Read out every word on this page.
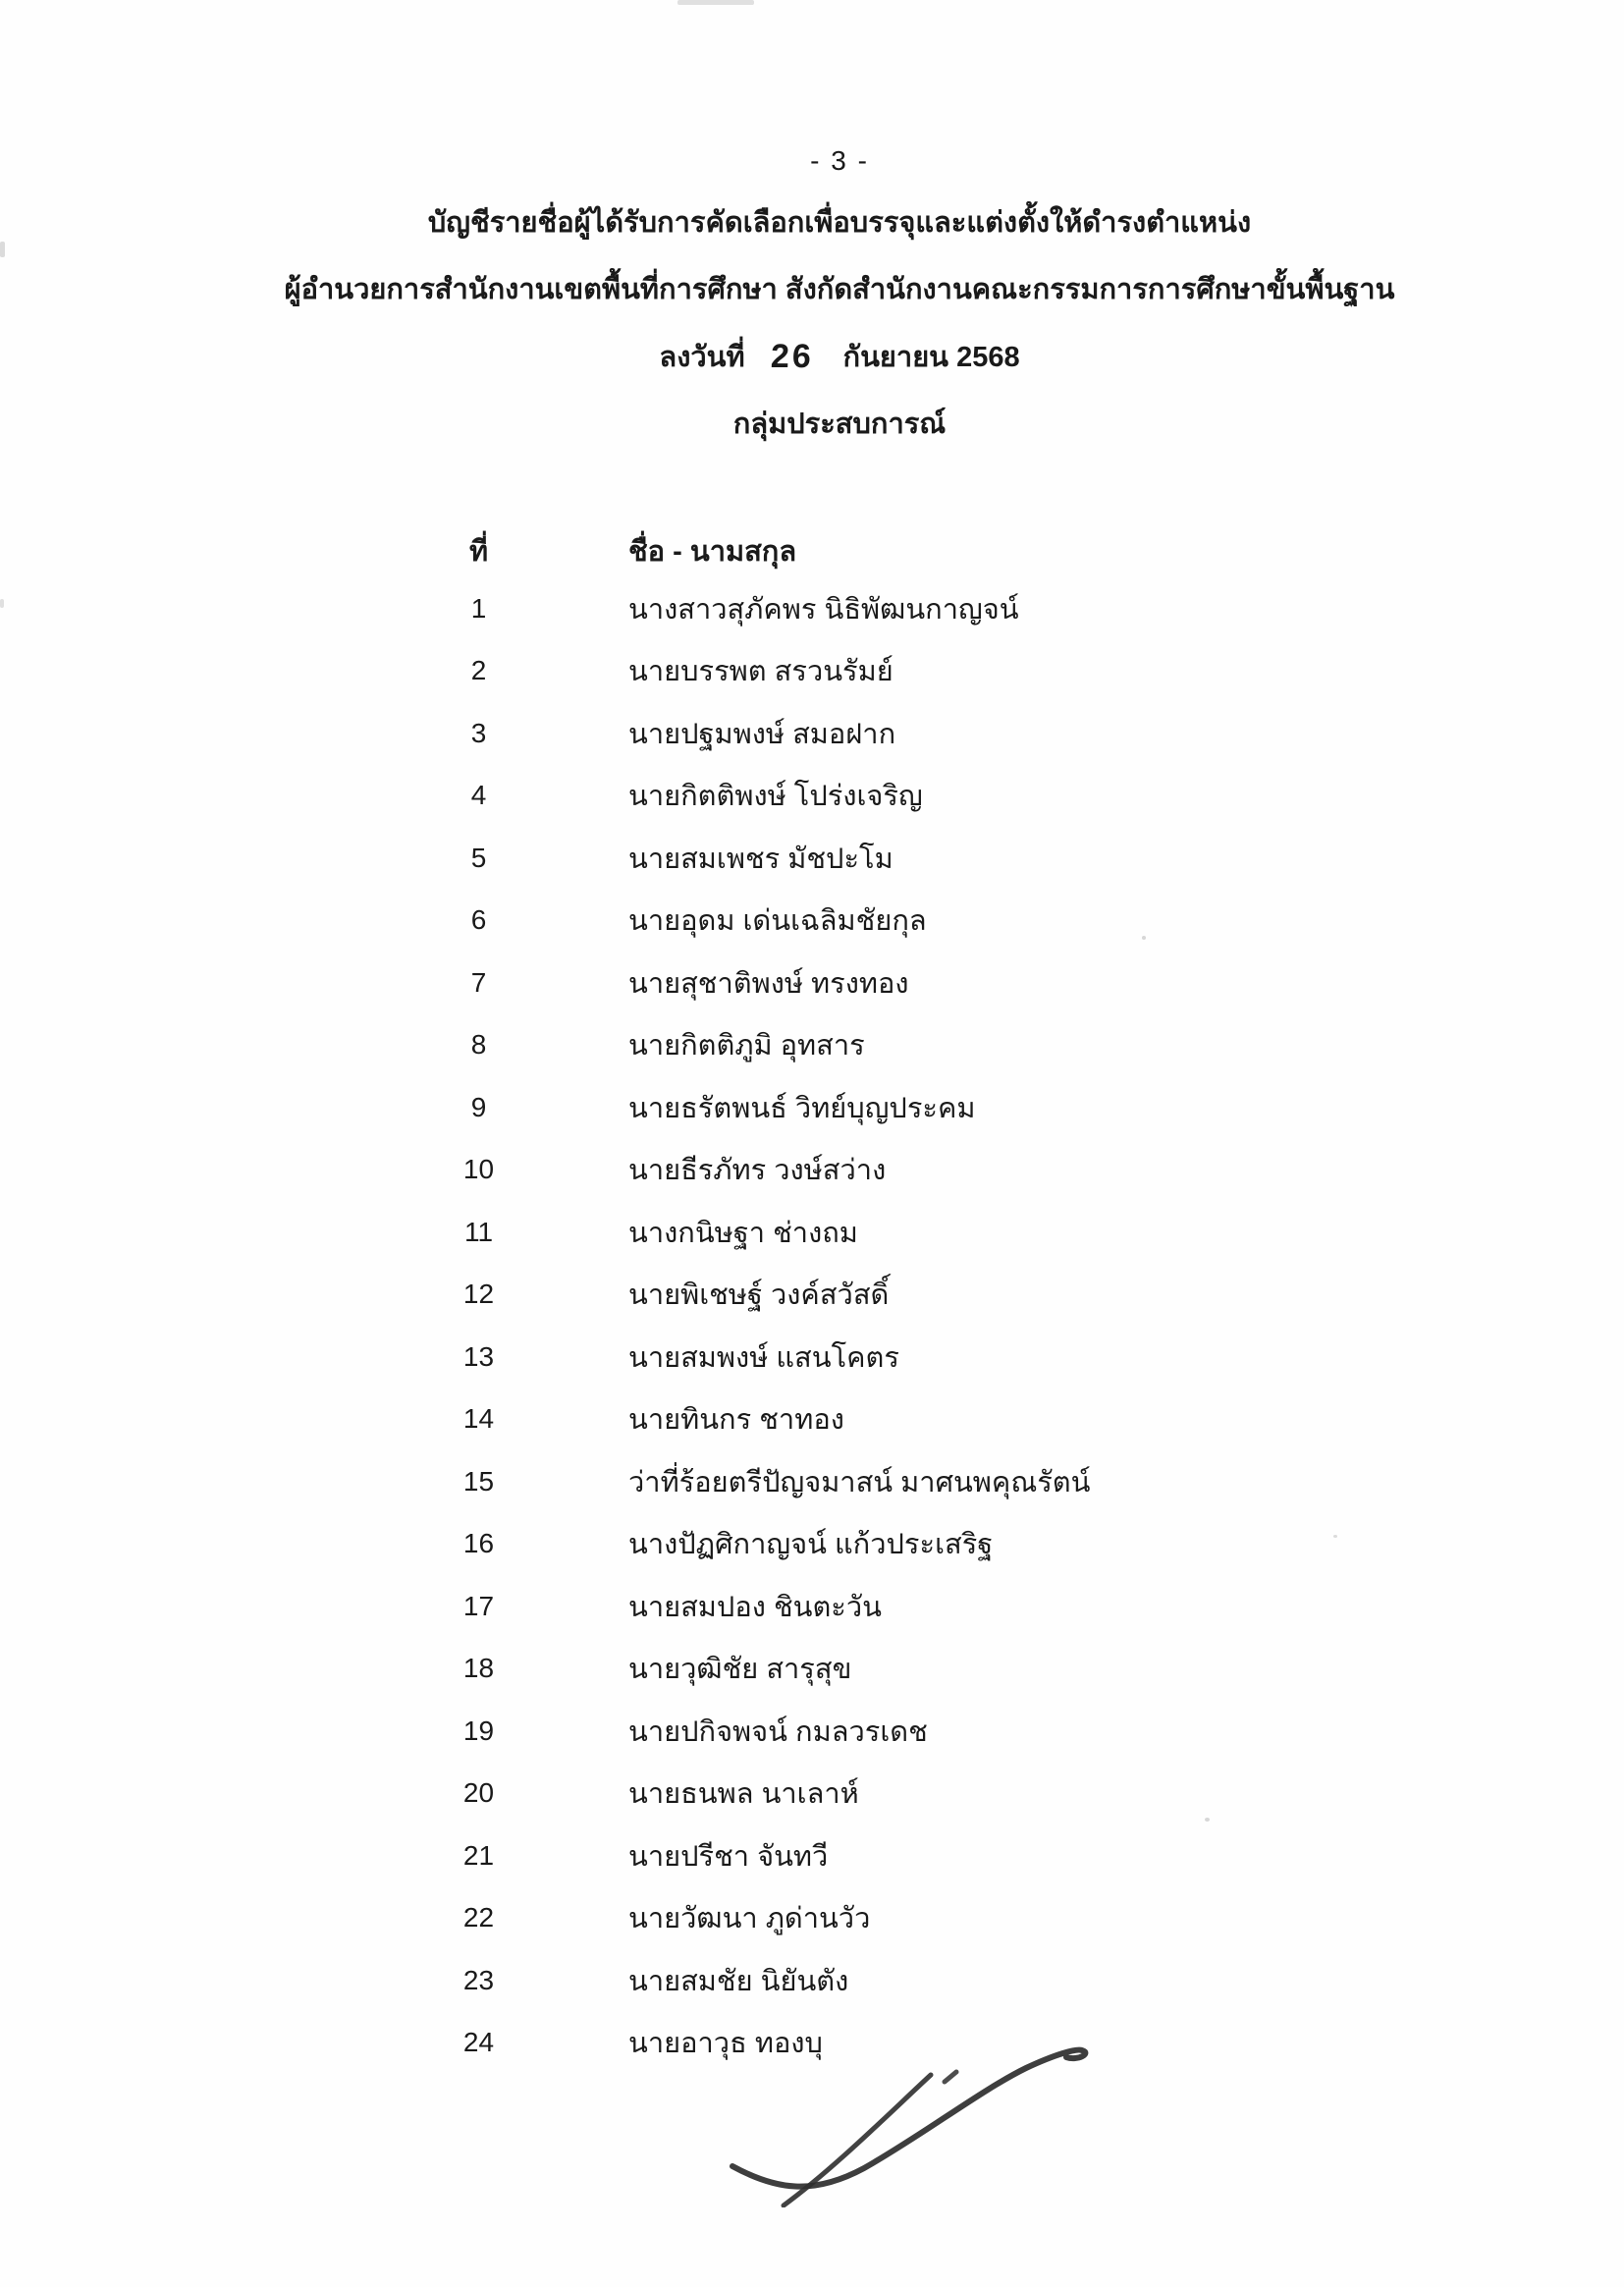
- 3 -
บัญชีรายชื่อผู้ได้รับการคัดเลือกเพื่อบรรจุและแต่งตั้งให้ดำรงตำแหน่ง
ผู้อำนวยการสำนักงานเขตพื้นที่การศึกษา สังกัดสำนักงานคณะกรรมการการศึกษาขั้นพื้นฐาน
ลงวันที่ 26 กันยายน 2568
กลุ่มประสบการณ์
ที่	ชื่อ - นามสกุล
1	นางสาวสุภัคพร นิธิพัฒนกาญจน์
2	นายบรรพต สรวนรัมย์
3	นายปฐมพงษ์ สมอฝาก
4	นายกิตติพงษ์ โปร่งเจริญ
5	นายสมเพชร มัชปะโม
6	นายอุดม เด่นเฉลิมชัยกุล
7	นายสุชาติพงษ์ ทรงทอง
8	นายกิตติภูมิ อุทสาร
9	นายธรัตพนธ์ วิทย์บุญประคม
10	นายธีรภัทร วงษ์สว่าง
11	นางกนิษฐา ช่างถม
12	นายพิเชษฐ์ วงค์สวัสดิ์
13	นายสมพงษ์ แสนโคตร
14	นายทินกร ชาทอง
15	ว่าที่ร้อยตรีปัญจมาสน์ มาศนพคุณรัตน์
16	นางปัฏศิกาญจน์ แก้วประเสริฐ
17	นายสมปอง ชินตะวัน
18	นายวุฒิชัย สารุสุข
19	นายปกิจพจน์ กมลวรเดช
20	นายธนพล นาเลาห์
21	นายปรีชา จันทวี
22	นายวัฒนา ภูด่านวัว
23	นายสมชัย นิยันตัง
24	นายอาวุธ ทองบุ
